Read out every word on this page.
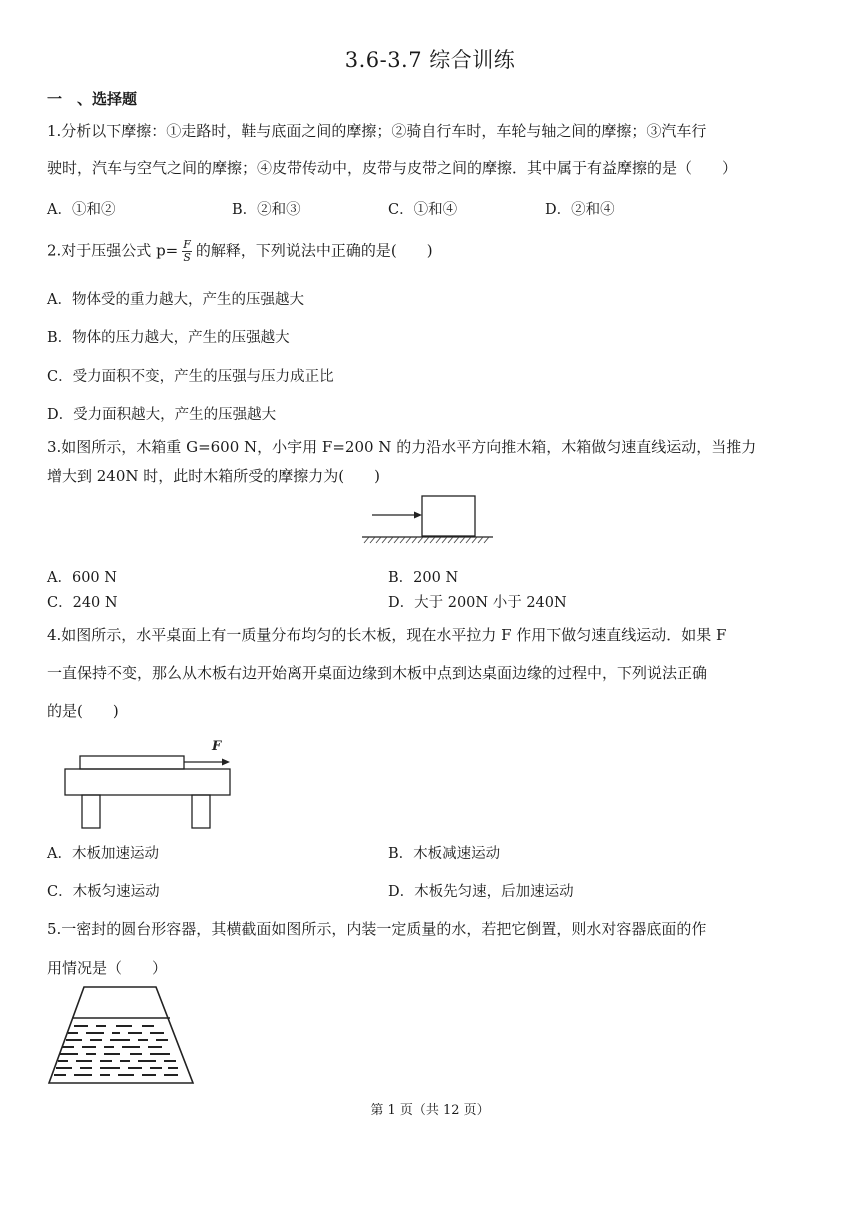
3.6-3.7 综合训练
一　、选择题
1.分析以下摩擦：①走路时，鞋与底面之间的摩擦；②骑自行车时，车轮与轴之间的摩擦；③汽车行
驶时，汽车与空气之间的摩擦；④皮带传动中，皮带与皮带之间的摩擦．其中属于有益摩擦的是（　　）
A．①和②	B．②和③	C．①和④	D．②和④
2.对于压强公式 $p= \frac{F}{S}$ 的解释，下列说法中正确的是(　　)
A．物体受的重力越大，产生的压强越大
B．物体的压力越大，产生的压强越大
C．受力面积不变，产生的压强与压力成正比
D．受力面积越大，产生的压强越大
3.如图所示，木箱重 G=600 N，小宇用 F=200 N 的力沿水平方向推木箱，木箱做匀速直线运动，当推力
增大到 240N 时，此时木箱所受的摩擦力为(　　)
A．600 N	B．200 N
C．240 N	D．大于 200N 小于 240N
4.如图所示，水平桌面上有一质量分布均匀的长木板，现在水平拉力 F 作用下做匀速直线运动．如果 F
一直保持不变，那么从木板右边开始离开桌面边缘到木板中点到达桌面边缘的过程中，下列说法正确
的是(　　)
F
A．木板加速运动	B．木板减速运动
C．木板匀速运动	D．木板先匀速，后加速运动
5.一密封的圆台形容器，其横截面如图所示，内装一定质量的水，若把它倒置，则水对容器底面的作
用情况是（　　）
第 1 页（共 12 页）
